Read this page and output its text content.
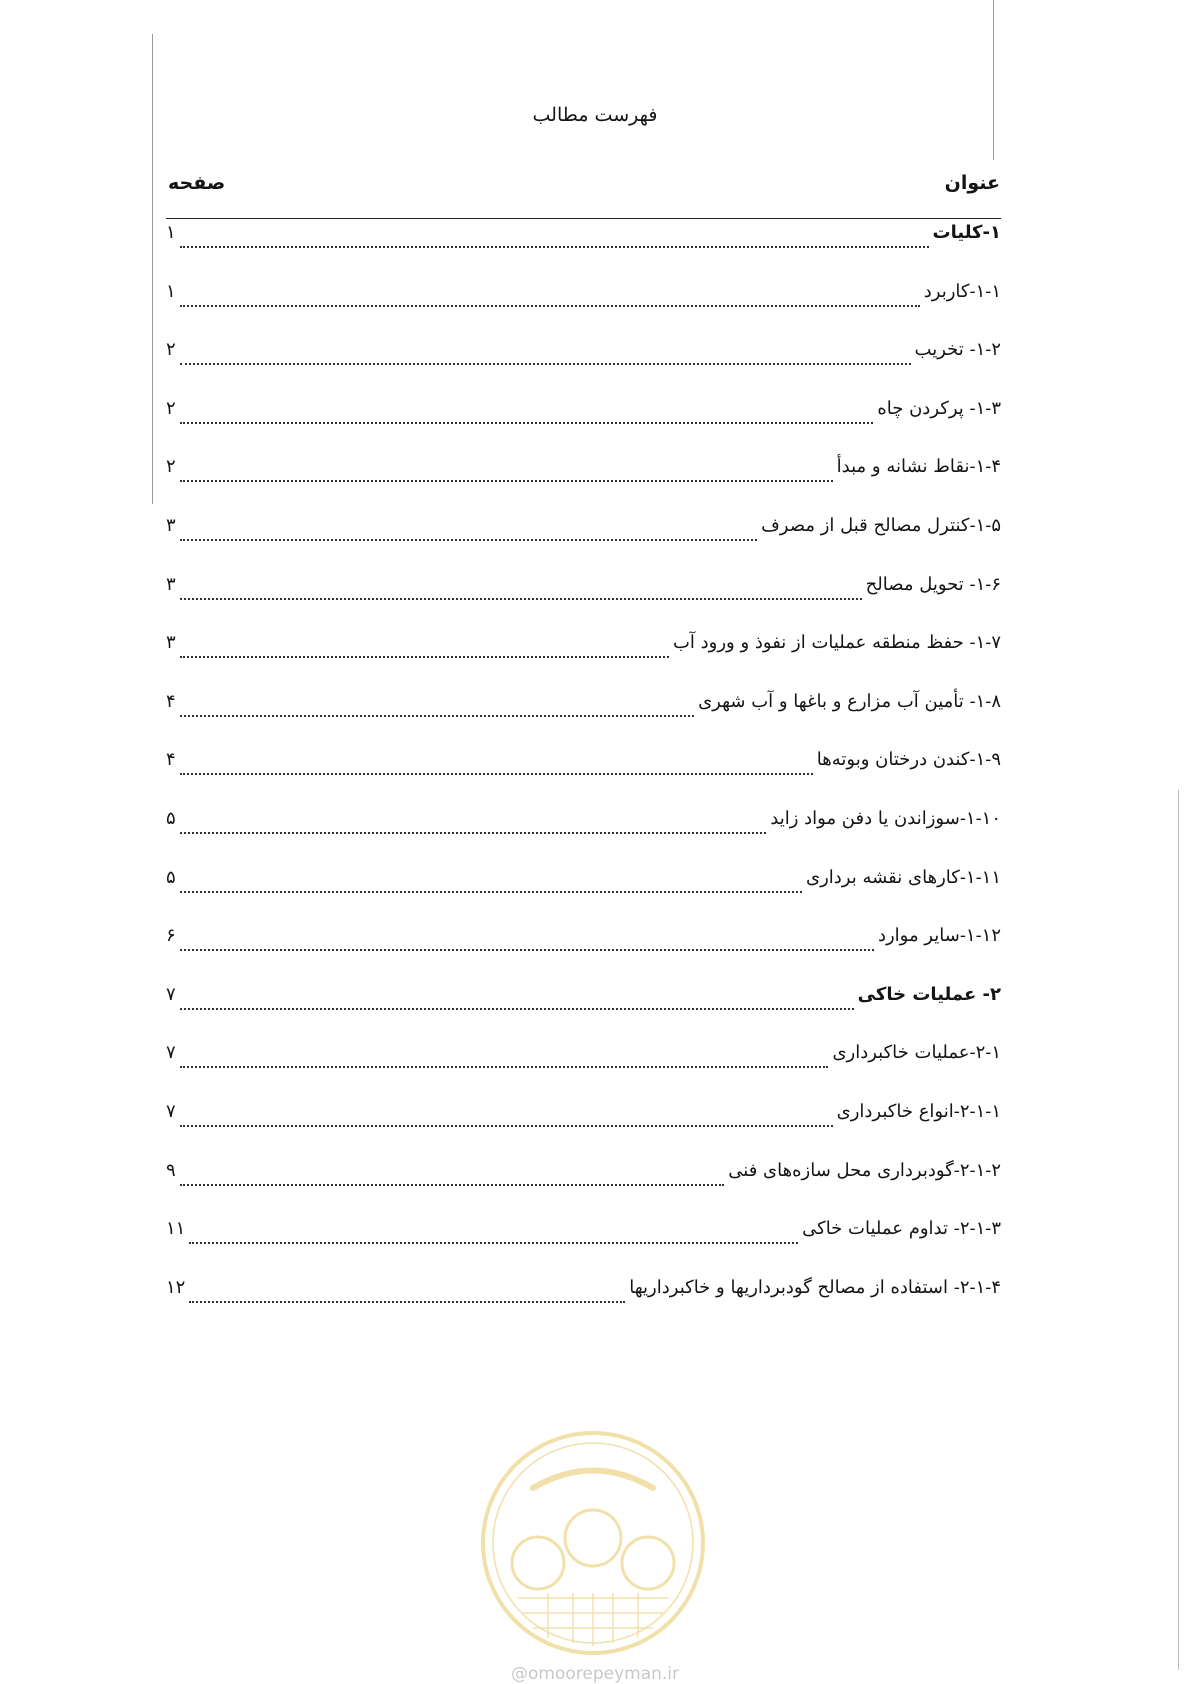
فهرست مطالب
عنوان
صفحه
۱-کلیات
۱
۱-۱-کاربرد
۱
۱-۲- تخریب
۲
۱-۳- پرکردن چاه
۲
۱-۴-نقاط نشانه و مبدأ
۲
۱-۵-کنترل مصالح قبل از مصرف
۳
۱-۶- تحویل مصالح
۳
۱-۷- حفظ منطقه عملیات از نفوذ و ورود آب
۳
۱-۸- تأمین آب مزارع و باغها و آب شهری
۴
۱-۹-کندن درختان وبوته‌ها
۴
۱-۱۰-سوزاندن یا دفن مواد زاید
۵
۱-۱۱-کارهای نقشه برداری
۵
۱-۱۲-سایر موارد
۶
۲- عملیات خاکی
۷
۲-۱-عملیات خاکبرداری
۷
۲-۱-۱-انواع خاکبرداری
۷
۲-۱-۲-گودبرداری محل سازه‌های فنی
۹
۲-۱-۳- تداوم عملیات خاکی
۱۱
۲-۱-۴- استفاده از مصالح گودبرداریها و خاکبرداریها
۱۲
@omoorepeyman.ir
